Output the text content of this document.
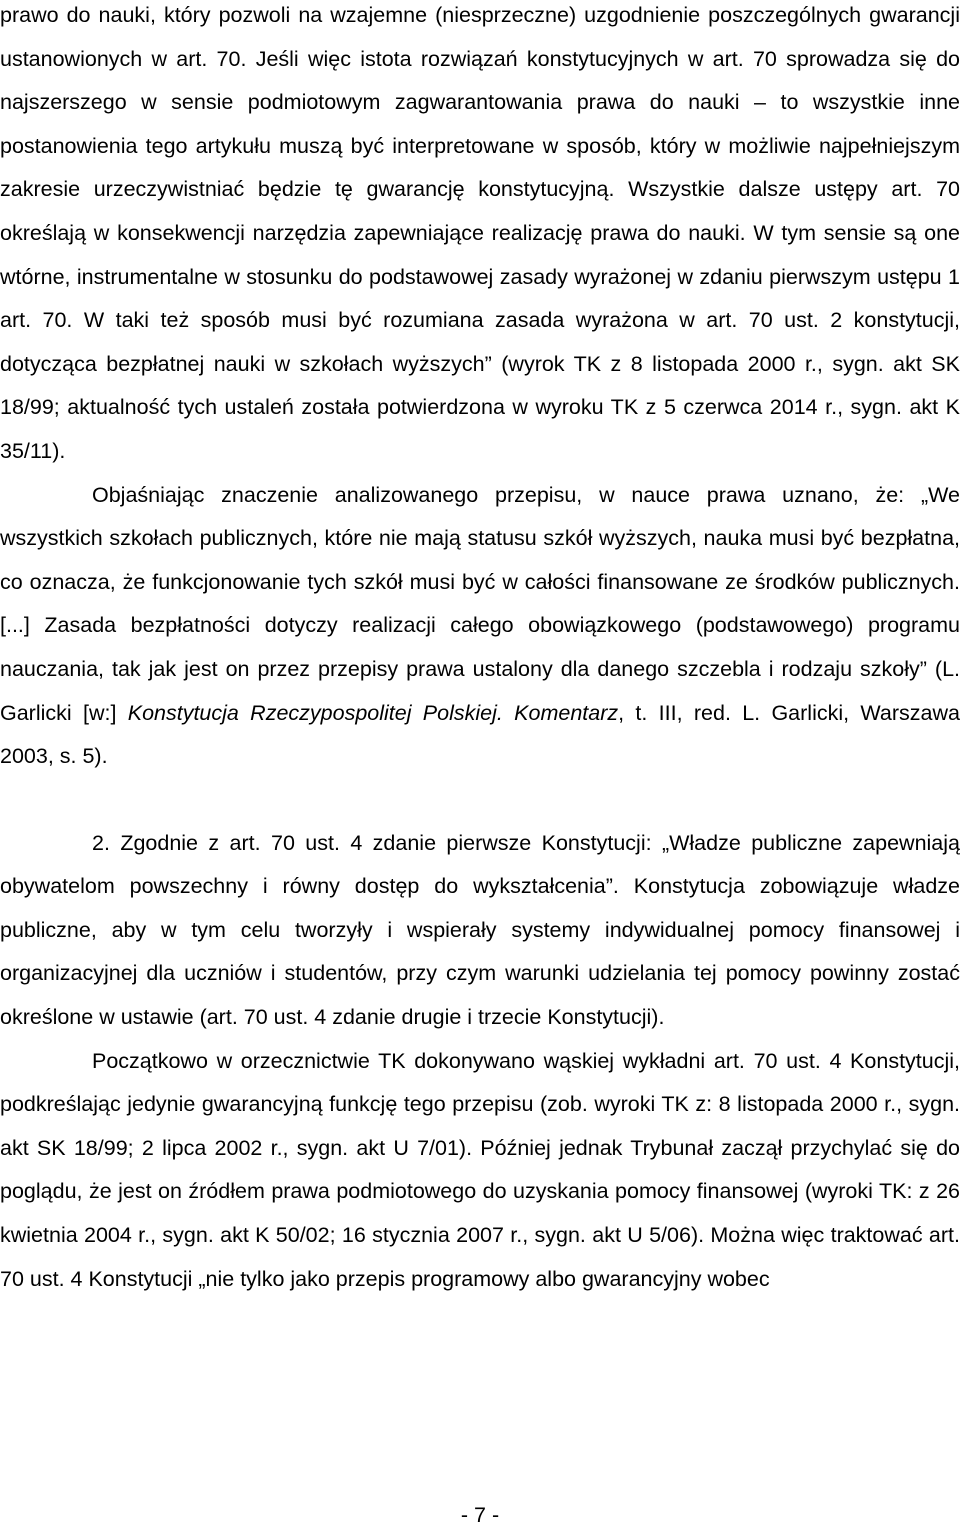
prawo do nauki, który pozwoli na wzajemne (niesprzeczne) uzgodnienie poszczególnych gwarancji ustanowionych w art. 70. Jeśli więc istota rozwiązań konstytucyjnych w art. 70 sprowadza się do najszerszego w sensie podmiotowym zagwarantowania prawa do nauki – to wszystkie inne postanowienia tego artykułu muszą być interpretowane w sposób, który w możliwie najpełniejszym zakresie urzeczywistniać będzie tę gwarancję konstytucyjną. Wszystkie dalsze ustępy art. 70 określają w konsekwencji narzędzia zapewniające realizację prawa do nauki. W tym sensie są one wtórne, instrumentalne w stosunku do podstawowej zasady wyrażonej w zdaniu pierwszym ustępu 1 art. 70. W taki też sposób musi być rozumiana zasada wyrażona w art. 70 ust. 2 konstytucji, dotycząca bezpłatnej nauki w szkołach wyższych” (wyrok TK z 8 listopada 2000 r., sygn. akt SK 18/99; aktualność tych ustaleń została potwierdzona w wyroku TK z 5 czerwca 2014 r., sygn. akt K 35/11).

Objaśniając znaczenie analizowanego przepisu, w nauce prawa uznano, że: „We wszystkich szkołach publicznych, które nie mają statusu szkół wyższych, nauka musi być bezpłatna, co oznacza, że funkcjonowanie tych szkół musi być w całości finansowane ze środków publicznych. [...] Zasada bezpłatności dotyczy realizacji całego obowiązkowego (podstawowego) programu nauczania, tak jak jest on przez przepisy prawa ustalony dla danego szczebla i rodzaju szkoły” (L. Garlicki [w:] Konstytucja Rzeczypospolitej Polskiej. Komentarz, t. III, red. L. Garlicki, Warszawa 2003, s. 5).

2. Zgodnie z art. 70 ust. 4 zdanie pierwsze Konstytucji: „Władze publiczne zapewniają obywatelom powszechny i równy dostęp do wykształcenia”. Konstytucja zobowiązuje władze publiczne, aby w tym celu tworzyły i wspierały systemy indywidualnej pomocy finansowej i organizacyjnej dla uczniów i studentów, przy czym warunki udzielania tej pomocy powinny zostać określone w ustawie (art. 70 ust. 4 zdanie drugie i trzecie Konstytucji).

Początkowo w orzecznictwie TK dokonywano wąskiej wykładni art. 70 ust. 4 Konstytucji, podkreślając jedynie gwarancyjną funkcję tego przepisu (zob. wyroki TK z: 8 listopada 2000 r., sygn. akt SK 18/99; 2 lipca 2002 r., sygn. akt U 7/01). Później jednak Trybunał zaczął przychylać się do poglądu, że jest on źródłem prawa podmiotowego do uzyskania pomocy finansowej (wyroki TK: z 26 kwietnia 2004 r., sygn. akt K 50/02; 16 stycznia 2007 r., sygn. akt U 5/06). Można więc traktować art. 70 ust. 4 Konstytucji „nie tylko jako przepis programowy albo gwarancyjny wobec

- 7 -
